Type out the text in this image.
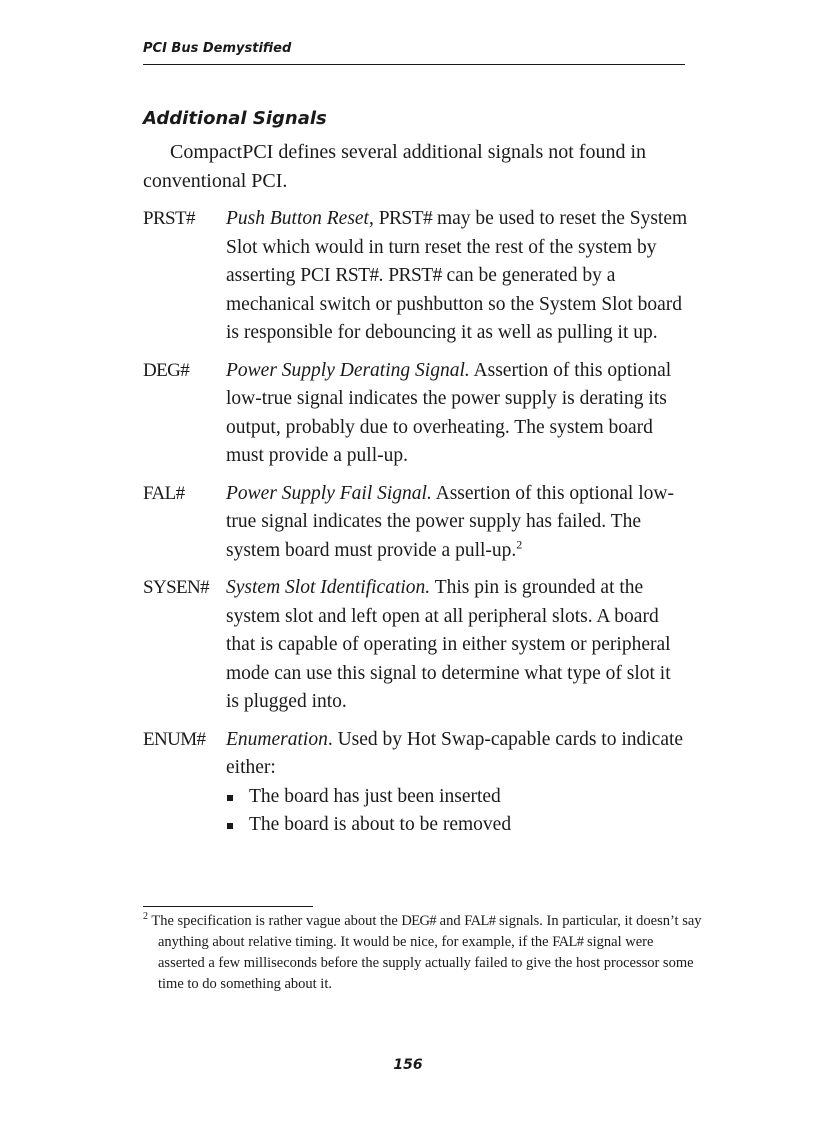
PCI Bus Demystified
Additional Signals

CompactPCI defines several additional signals not found in conventional PCI.

PRST#	Push Button Reset, PRST# may be used to reset the System Slot which would in turn reset the rest of the system by asserting PCI RST#. PRST# can be generated by a mechanical switch or pushbutton so the System Slot board is responsible for debouncing it as well as pulling it up.
DEG#	Power Supply Derating Signal. Assertion of this optional low-true signal indicates the power supply is derating its output, probably due to overheating. The system board must provide a pull-up.
FAL#	Power Supply Fail Signal. Assertion of this optional low-true signal indicates the power supply has failed. The system board must provide a pull-up.$^2$
SYSEN# System Slot Identification. This pin is grounded at the system slot and left open at all peripheral slots. A board that is capable of operating in either system or peripheral mode can use this signal to determine what type of slot it is plugged into.
ENUM#	Enumeration. Used by Hot Swap-capable cards to indicate either:
The board has just been inserted
The board is about to be removed

$^2$ The specification is rather vague about the DEG# and FAL# signals. In particular, it doesn’t say anything about relative timing. It would be nice, for example, if the FAL# signal were asserted a few milliseconds before the supply actually failed to give the host processor some time to do something about it.

156
